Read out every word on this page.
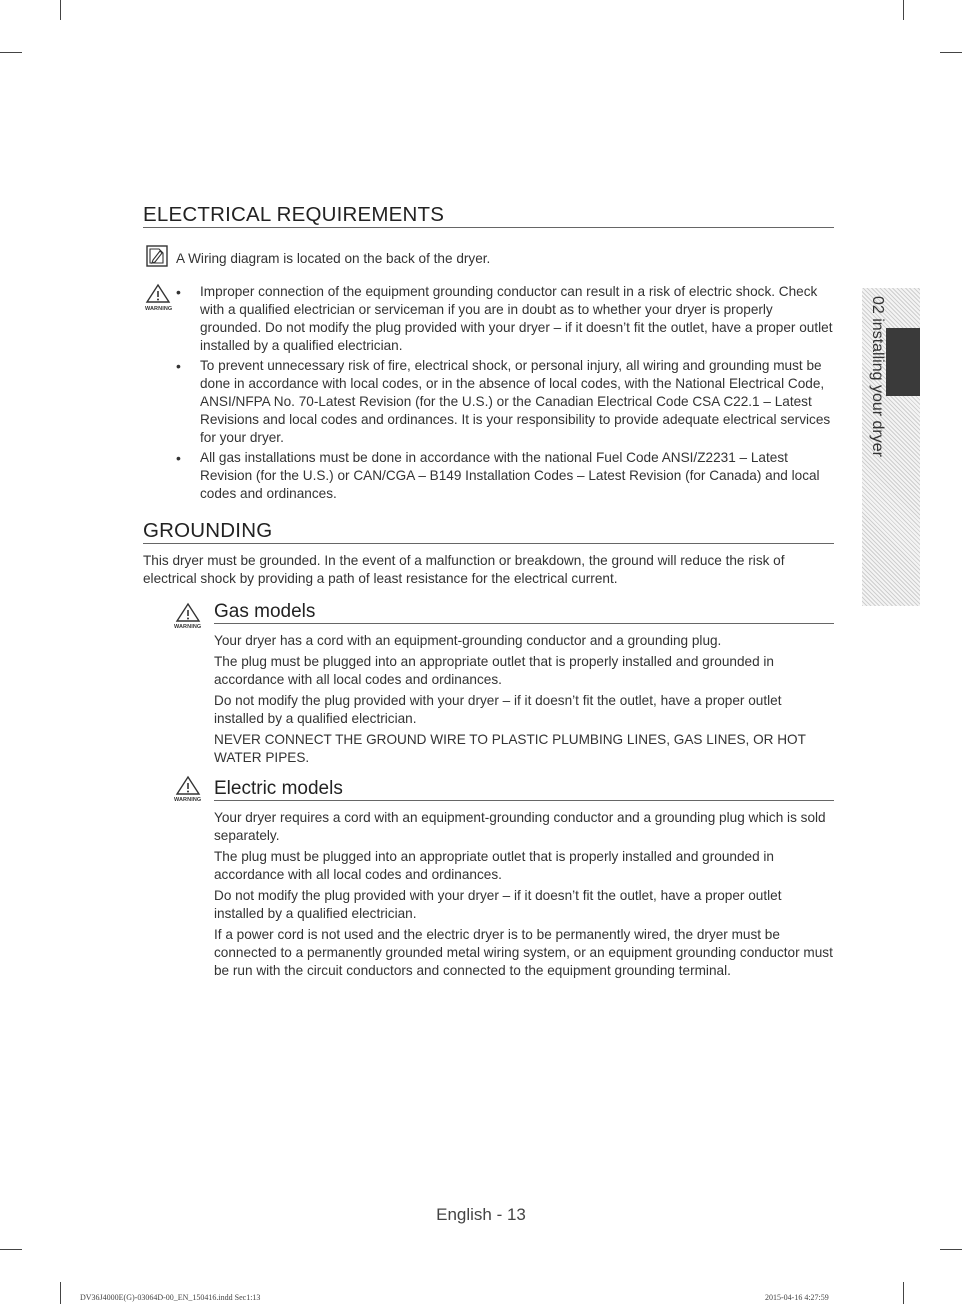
ELECTRICAL REQUIREMENTS
A Wiring diagram is located on the back of the dryer.
WARNING
• Improper connection of the equipment grounding conductor can result in a risk of electric shock. Check with a qualified electrician or serviceman if you are in doubt as to whether your dryer is properly grounded. Do not modify the plug provided with your dryer – if it doesn’t fit the outlet, have a proper outlet installed by a qualified electrician.
• To prevent unnecessary risk of fire, electrical shock, or personal injury, all wiring and grounding must be done in accordance with local codes, or in the absence of local codes, with the National Electrical Code, ANSI/NFPA No. 70-Latest Revision (for the U.S.) or the Canadian Electrical Code CSA C22.1 – Latest Revisions and local codes and ordinances. It is your responsibility to provide adequate electrical services for your dryer.
• All gas installations must be done in accordance with the national Fuel Code ANSI/Z2231 – Latest Revision (for the U.S.) or CAN/CGA – B149 Installation Codes – Latest Revision (for Canada) and local codes and ordinances.
GROUNDING
This dryer must be grounded. In the event of a malfunction or breakdown, the ground will reduce the risk of electrical shock by providing a path of least resistance for the electrical current.
WARNING
Gas models

Your dryer has a cord with an equipment-grounding conductor and a grounding plug.

The plug must be plugged into an appropriate outlet that is properly installed and grounded in accordance with all local codes and ordinances.

Do not modify the plug provided with your dryer – if it doesn’t fit the outlet, have a proper outlet installed by a qualified electrician.

NEVER CONNECT THE GROUND WIRE TO PLASTIC PLUMBING LINES, GAS LINES, OR HOT WATER PIPES.

WARNING
Electric models

Your dryer requires a cord with an equipment-grounding conductor and a grounding plug which is sold separately.

The plug must be plugged into an appropriate outlet that is properly installed and grounded in accordance with all local codes and ordinances.

Do not modify the plug provided with your dryer – if it doesn’t fit the outlet, have a proper outlet installed by a qualified electrician.

If a power cord is not used and the electric dryer is to be permanently wired, the dryer must be connected to a permanently grounded metal wiring system, or an equipment grounding conductor must be run with the circuit conductors and connected to the equipment grounding terminal.

02 installing your dryer
English - 13
DV36J4000E(G)-03064D-00_EN_150416.indd Sec1:13	2015-04-16 4:27:59
